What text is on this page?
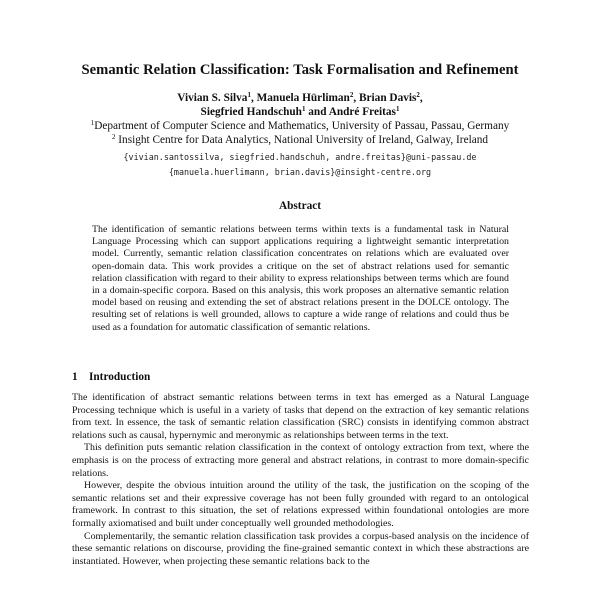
Semantic Relation Classification: Task Formalisation and Refinement
Vivian S. Silva$^1$, Manuela Hürliman$^2$, Brian Davis$^2$,
Siegfried Handschuh$^1$ and André Freitas$^1$
$^1$Department of Computer Science and Mathematics, University of Passau, Passau, Germany
$^2$ Insight Centre for Data Analytics, National University of Ireland, Galway, Ireland
{vivian.santossilva, siegfried.handschuh, andre.freitas}@uni-passau.de
{manuela.huerlimann, brian.davis}@insight-centre.org
Abstract

The identification of semantic relations between terms within texts is a fundamental task in Natural Language Processing which can support applications requiring a lightweight semantic interpretation model. Currently, semantic relation classification concentrates on relations which are evaluated over open-domain data. This work provides a critique on the set of abstract relations used for semantic relation classification with regard to their ability to express relationships between terms which are found in a domain-specific corpora. Based on this analysis, this work proposes an alternative semantic relation model based on reusing and extending the set of abstract relations present in the DOLCE ontology. The resulting set of relations is well grounded, allows to capture a wide range of relations and could thus be used as a foundation for automatic classification of semantic relations.

1 Introduction

The identification of abstract semantic relations between terms in text has emerged as a Natural Language Processing technique which is useful in a variety of tasks that depend on the extraction of key semantic relations from text. In essence, the task of semantic relation classification (SRC) consists in identifying common abstract relations such as causal, hypernymic and meronymic as relationships between terms in the text.

This definition puts semantic relation classification in the context of ontology extraction from text, where the emphasis is on the process of extracting more general and abstract relations, in contrast to more domain-specific relations.

However, despite the obvious intuition around the utility of the task, the justification on the scoping of the semantic relations set and their expressive coverage has not been fully grounded with regard to an ontological framework. In contrast to this situation, the set of relations expressed within foundational ontologies are more formally axiomatised and built under conceptually well grounded methodologies.

Complementarily, the semantic relation classification task provides a corpus-based analysis on the incidence of these semantic relations on discourse, providing the fine-grained semantic context in which these abstractions are instantiated. However, when projecting these semantic relations back to the
